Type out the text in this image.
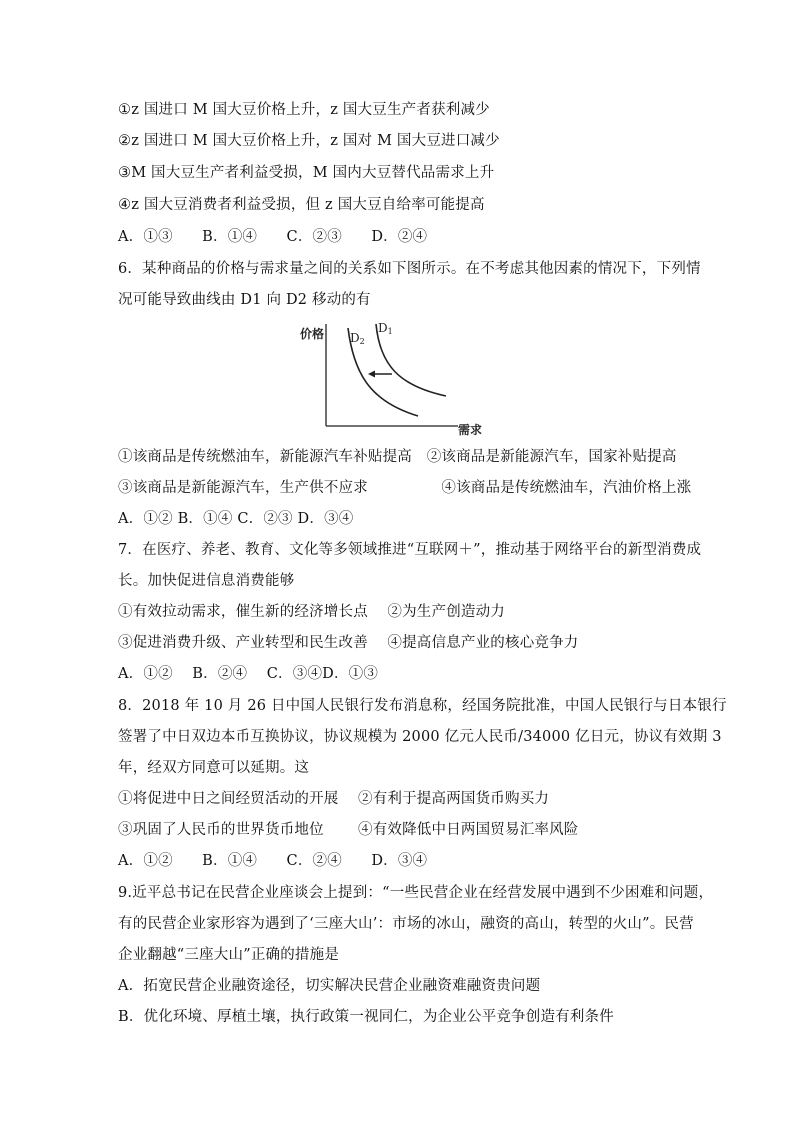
①z 国进口 M 国大豆价格上升，z 国大豆生产者获利减少
②z 国进口 M 国大豆价格上升，z 国对 M 国大豆进口减少
③M 国大豆生产者利益受损，M 国内大豆替代品需求上升
④z 国大豆消费者利益受损，但 z 国大豆自给率可能提高
A．①③　　B．①④　　C．②③　　D．②④
6．某种商品的价格与需求量之间的关系如下图所示。在不考虑其他因素的情况下，下列情
况可能导致曲线由 D1 向 D2 移动的有
价格
需求
D2
D1
①该商品是传统燃油车，新能源汽车补贴提高　②该商品是新能源汽车，国家补贴提高
③该商品是新能源汽车，生产供不应求　　　　　④该商品是传统燃油车，汽油价格上涨
A．①② B．①④ C．②③ D．③④
7．在医疗、养老、教育、文化等多领域推进“互联网＋”，推动基于网络平台的新型消费成
长。加快促进信息消费能够
①有效拉动需求，催生新的经济增长点　 ②为生产创造动力
③促进消费升级、产业转型和民生改善　 ④提高信息产业的核心竞争力
A．①②　 B．②④　 C．③④D．①③
8．2018 年 10 月 26 日中国人民银行发布消息称，经国务院批准，中国人民银行与日本银行
签署了中日双边本币互换协议，协议规模为 2000 亿元人民币/34000 亿日元，协议有效期 3
年，经双方同意可以延期。这
①将促进中日之间经贸活动的开展　 ②有利于提高两国货币购买力
③巩固了人民币的世界货币地位　　 ④有效降低中日两国贸易汇率风险
A．①②　　B．①④　　C．②④　　D．③④
9.近平总书记在民营企业座谈会上提到：“一些民营企业在经营发展中遇到不少困难和问题，
有的民营企业家形容为遇到了‘三座大山’：市场的冰山，融资的高山，转型的火山”。民营
企业翻越“三座大山”正确的措施是
A．拓宽民营企业融资途径，切实解决民营企业融资难融资贵问题
B．优化环境、厚植土壤，执行政策一视同仁，为企业公平竞争创造有利条件
